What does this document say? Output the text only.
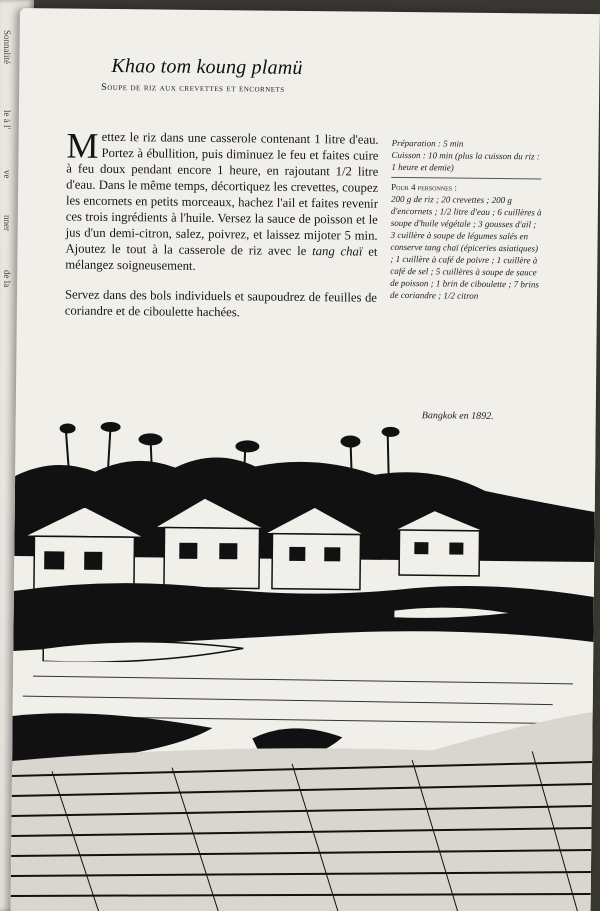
Sonnalité
le à l'
ve
nner
de la
Khao tom koung plamü
Soupe de riz aux crevettes et encornets

Mettez le riz dans une casserole contenant 1 litre d'eau. Portez à ébullition, puis diminuez le feu et faites cuire à feu doux pendant encore 1 heure, en rajoutant 1/2 litre d'eau. Dans le même temps, décortiquez les crevettes, coupez les encornets en petits morceaux, hachez l'ail et faites revenir ces trois ingrédients à l'huile. Versez la sauce de poisson et le jus d'un demi-citron, salez, poivrez, et laissez mijoter 5 min. Ajoutez le tout à la casserole de riz avec le tang chaï et mélangez soigneusement.

Servez dans des bols individuels et saupoudrez de feuilles de coriandre et de ciboulette hachées.

Préparation : 5 min
Cuisson : 10 min (plus la cuisson du riz : 1 heure et demie)
Pour 4 personnes :
200 g de riz ; 20 crevettes ; 200 g d'encornets ; 1/2 litre d'eau ; 6 cuillères à soupe d'huile végétale ; 3 gousses d'ail ; 3 cuillère à soupe de légumes salés en conserve tang chaï (épiceries asiatiques) ; 1 cuillère à café de poivre ; 1 cuillère à café de sel ; 5 cuillères à soupe de sauce de poisson ; 1 brin de ciboulette ; 7 brins de coriandre ; 1/2 citron
Bangkok en 1892.
